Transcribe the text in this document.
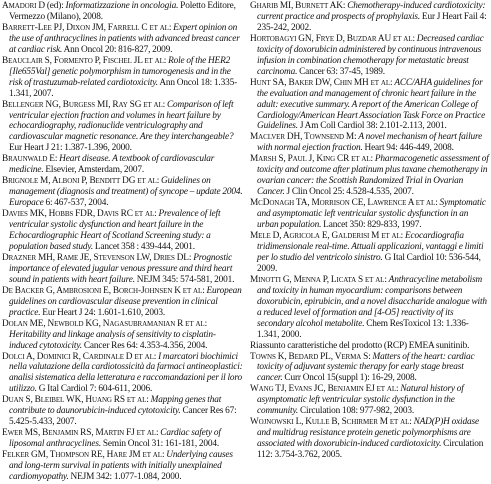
Amadori D (ed): Informatizzazione in oncologia. Poletto Editore, Vermezzo (Milano), 2008.

Barrett-Lee PJ, Dixon JM, Farrell C et al: Expert opinion on the use of anthracyclines in patients with advanced breast cancer at cardiac risk. Ann Oncol 20: 816-827, 2009.

Beauclair S, Formento P, Fischel JL et al: Role of the HER2 [Ile655Val] genetic polymorphism in tumorogenesis and in the risk of trastuzumab-related cardiotoxicity. Ann Oncol 18: 1.335-1.341, 2007.

Bellenger NG, Burgess MI, Ray SG et al: Comparison of left ventricular ejection fraction and volumes in heart failure by echocardiography, radionuclide ventriculography and cardiovascular magnetic resonance. Are they interchangeable? Eur Heart J 21: 1.387-1.396, 2000.

Braunwald E: Heart disease. A textbook of cardiovascular medicine. Elsevier, Amsterdam, 2007.

Brignole M, Alboni P, Benditt DG et al: Guidelines on management (diagnosis and treatment) of syncope – update 2004. Europace 6: 467-537, 2004.

Davies MK, Hobbs FDR, Davis RC et al: Prevalence of left ventricular systolic dysfunction and heart failure in the Echocardiographic Heart of Scotland Screening study: a population based study. Lancet 358 : 439-444, 2001.

Drazner MH, Rame JE, Stevenson LW, Dries DL: Prognostic importance of elevated jugular venous pressure and third heart sound in patients with heart failure. NEJM 345: 574-581, 2001.

De Backer G, Ambrosioni E, Borch-Johnsen K et al: European guidelines on cardiovascular disease prevention in clinical practice. Eur Heart J 24: 1.601-1.610, 2003.

Dolan ME, Newbold KG, Nagasubramanian R et al: Heritability and linkage analysis of sensitivity to cisplatin-induced cytotoxicity. Cancer Res 64: 4.353-4.356, 2004.

Dolci A, Dominici R, Cardinale D et al: I marcatori biochimici nella valutazione della cardiotossicità da farmaci antineoplastici: analisi sistematica della letteratura e raccomandazioni per il loro utilizzo. G Ital Cardiol 7: 604-611, 2006.

Duan S, Bleibel WK, Huang RS et al: Mapping genes that contribute to daunorubicin-induced cytotoxicity. Cancer Res 67: 5.425-5.433, 2007.

Ewer MS, Benjamin RS, Martin FJ et al: Cardiac safety of liposomal anthracyclines. Semin Oncol 31: 161-181, 2004.

Felker GM, Thompson RE, Hare JM et al: Underlying causes and long-term survival in patients with initially unexplained cardiomyopathy. NEJM 342: 1.077-1.084, 2000.

Gharib MI, Burnett AK: Chemotherapy-induced cardiotoxicity: current practice and prospects of prophylaxis. Eur J Heart Fail 4: 235-242, 2002.

Hortobagyi GN, Frye D, Buzdar AU et al: Decreased cardiac toxicity of doxorubicin administered by continuous intravenous infusion in combination chemotherapy for metastatic breast carcinoma. Cancer 63: 37-45, 1989.

Hunt SA, Baker DW, Chin MH et al: ACC/AHA guidelines for the evaluation and management of chronic heart failure in the adult: executive summary. A report of the American College of Cardiology/American Heart Association Task Force on Practice Guidelines. J Am Coll Cardiol 38: 2.101-2.113, 2001.

Maclver DH, Townsend M: A novel mechanism of heart failure with normal ejection fraction. Heart 94: 446-449, 2008.

Marsh S, Paul J, King CR et al: Pharmacogenetic assessment of toxicity and outcome after platinum plus taxane chemotherapy in ovarian cancer: the Scottish Randomized Trial in Ovarian Cancer. J Clin Oncol 25: 4.528-4.535, 2007.

McDonagh TA, Morrison CE, Lawrence A et al: Symptomatic and asymptomatic left ventricular systolic dysfunction in an urban population. Lancet 350: 829-833, 1997.

Mele D, Agricola E, Galderisi M et al: Ecocardiografia tridimensionale real-time. Attuali applicazioni, vantaggi e limiti per lo studio del ventricolo sinistro. G Ital Cardiol 10: 536-544, 2009.

Minotti G, Menna P, Licata S et al: Anthracycline metabolism and toxicity in human myocardium: comparisons between doxorubicin, epirubicin, and a novel disaccharide analogue with a reduced level of formation and [4-O5] reactivity of its secondary alcohol metabolite. Chem ResToxicol 13: 1.336-1.341, 2000.

Riassunto caratteristiche del prodotto (RCP) EMEA sunitinib.

Towns K, Bedard PL, Verma S: Matters of the heart: cardiac toxicity of adjuvant systemic therapy for early stage breast cancer. Curr Oncol 15(suppl 1): 16-29, 2008.

Wang TJ, Evans JC, Benjamin EJ et al: Natural history of asymptomatic left ventricular systolic dysfunction in the community. Circulation 108: 977-982, 2003.

Wojnowski L, Kulle B, Schirmer M et al: NAD(P)H oxidase and multidrug resistance protein genetic polymorphisms are associated with doxorubicin-induced cardiotoxicity. Circulation 112: 3.754-3.762, 2005.
